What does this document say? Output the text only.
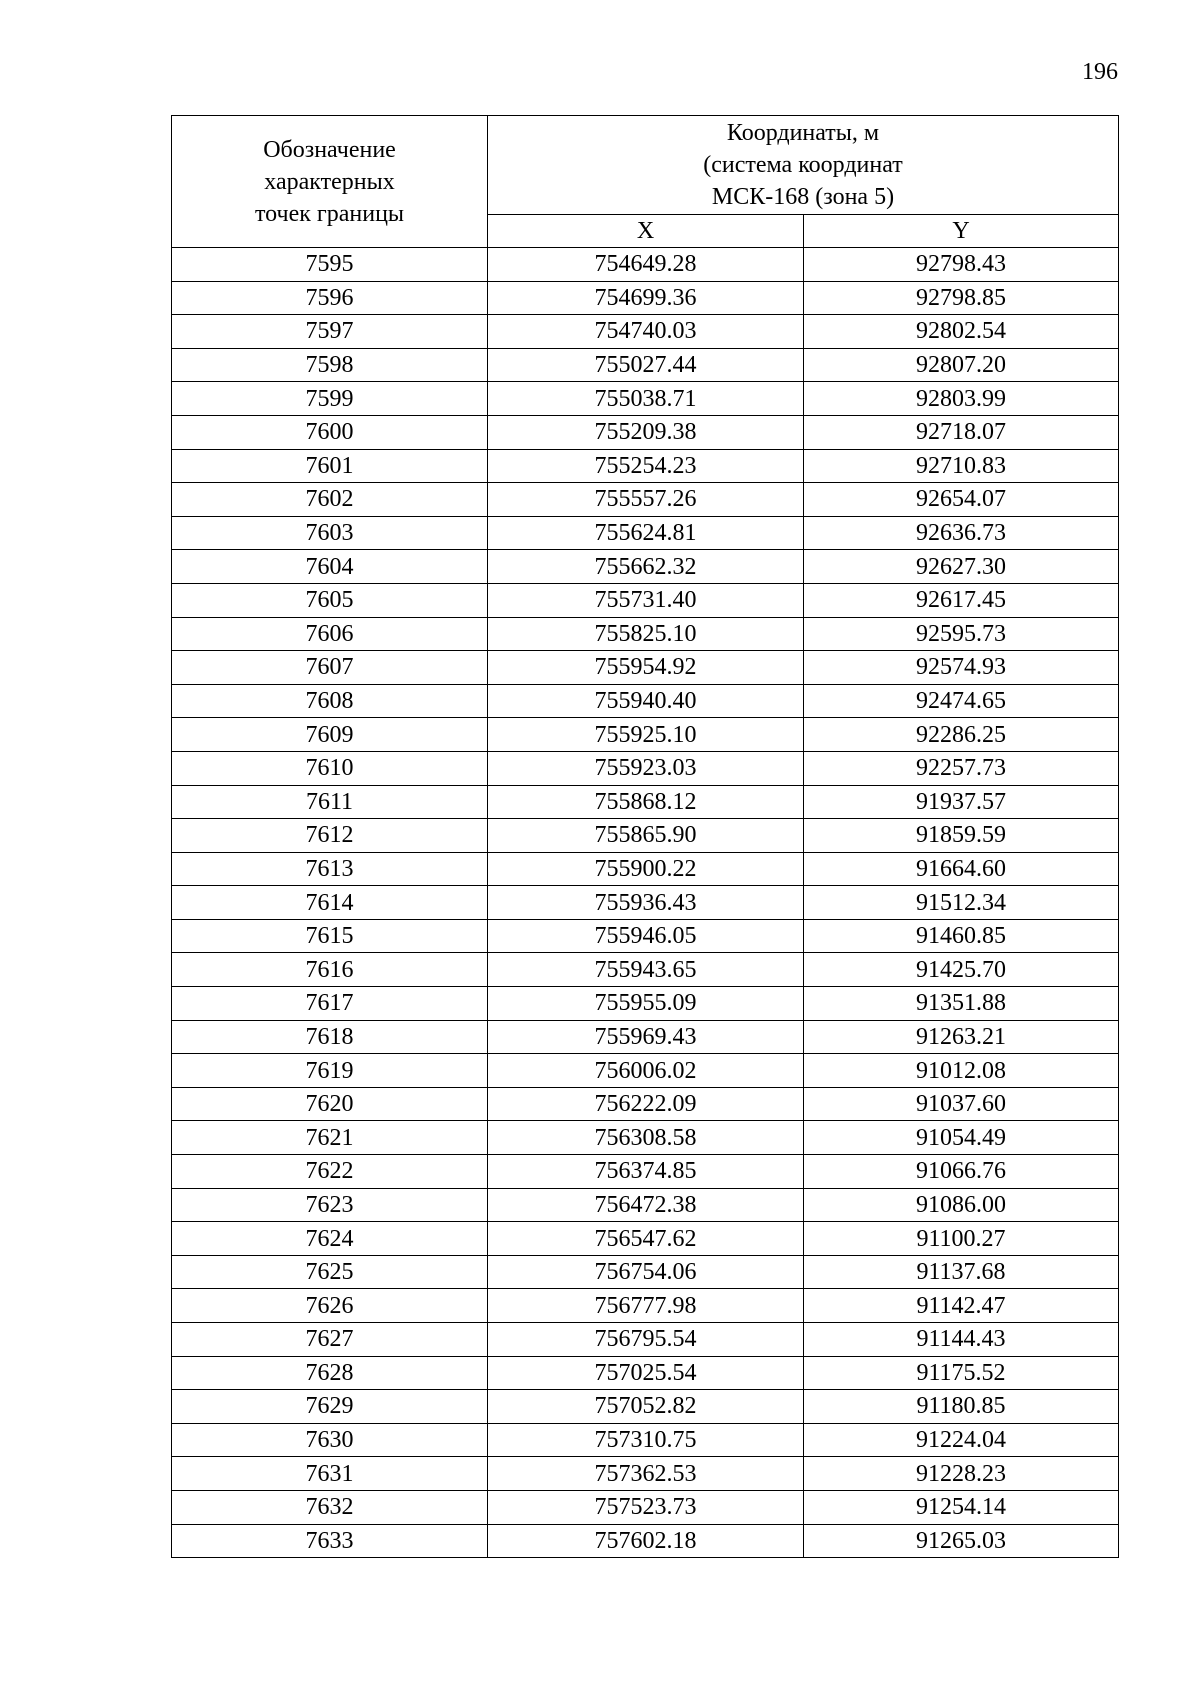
196
Обозначение
характерных
точек границы	Координаты, м
(система координат
МСК-168 (зона 5)	
	X	Y
7595	754649.28	92798.43
7596	754699.36	92798.85
7597	754740.03	92802.54
7598	755027.44	92807.20
7599	755038.71	92803.99
7600	755209.38	92718.07
7601	755254.23	92710.83
7602	755557.26	92654.07
7603	755624.81	92636.73
7604	755662.32	92627.30
7605	755731.40	92617.45
7606	755825.10	92595.73
7607	755954.92	92574.93
7608	755940.40	92474.65
7609	755925.10	92286.25
7610	755923.03	92257.73
7611	755868.12	91937.57
7612	755865.90	91859.59
7613	755900.22	91664.60
7614	755936.43	91512.34
7615	755946.05	91460.85
7616	755943.65	91425.70
7617	755955.09	91351.88
7618	755969.43	91263.21
7619	756006.02	91012.08
7620	756222.09	91037.60
7621	756308.58	91054.49
7622	756374.85	91066.76
7623	756472.38	91086.00
7624	756547.62	91100.27
7625	756754.06	91137.68
7626	756777.98	91142.47
7627	756795.54	91144.43
7628	757025.54	91175.52
7629	757052.82	91180.85
7630	757310.75	91224.04
7631	757362.53	91228.23
7632	757523.73	91254.14
7633	757602.18	91265.03
